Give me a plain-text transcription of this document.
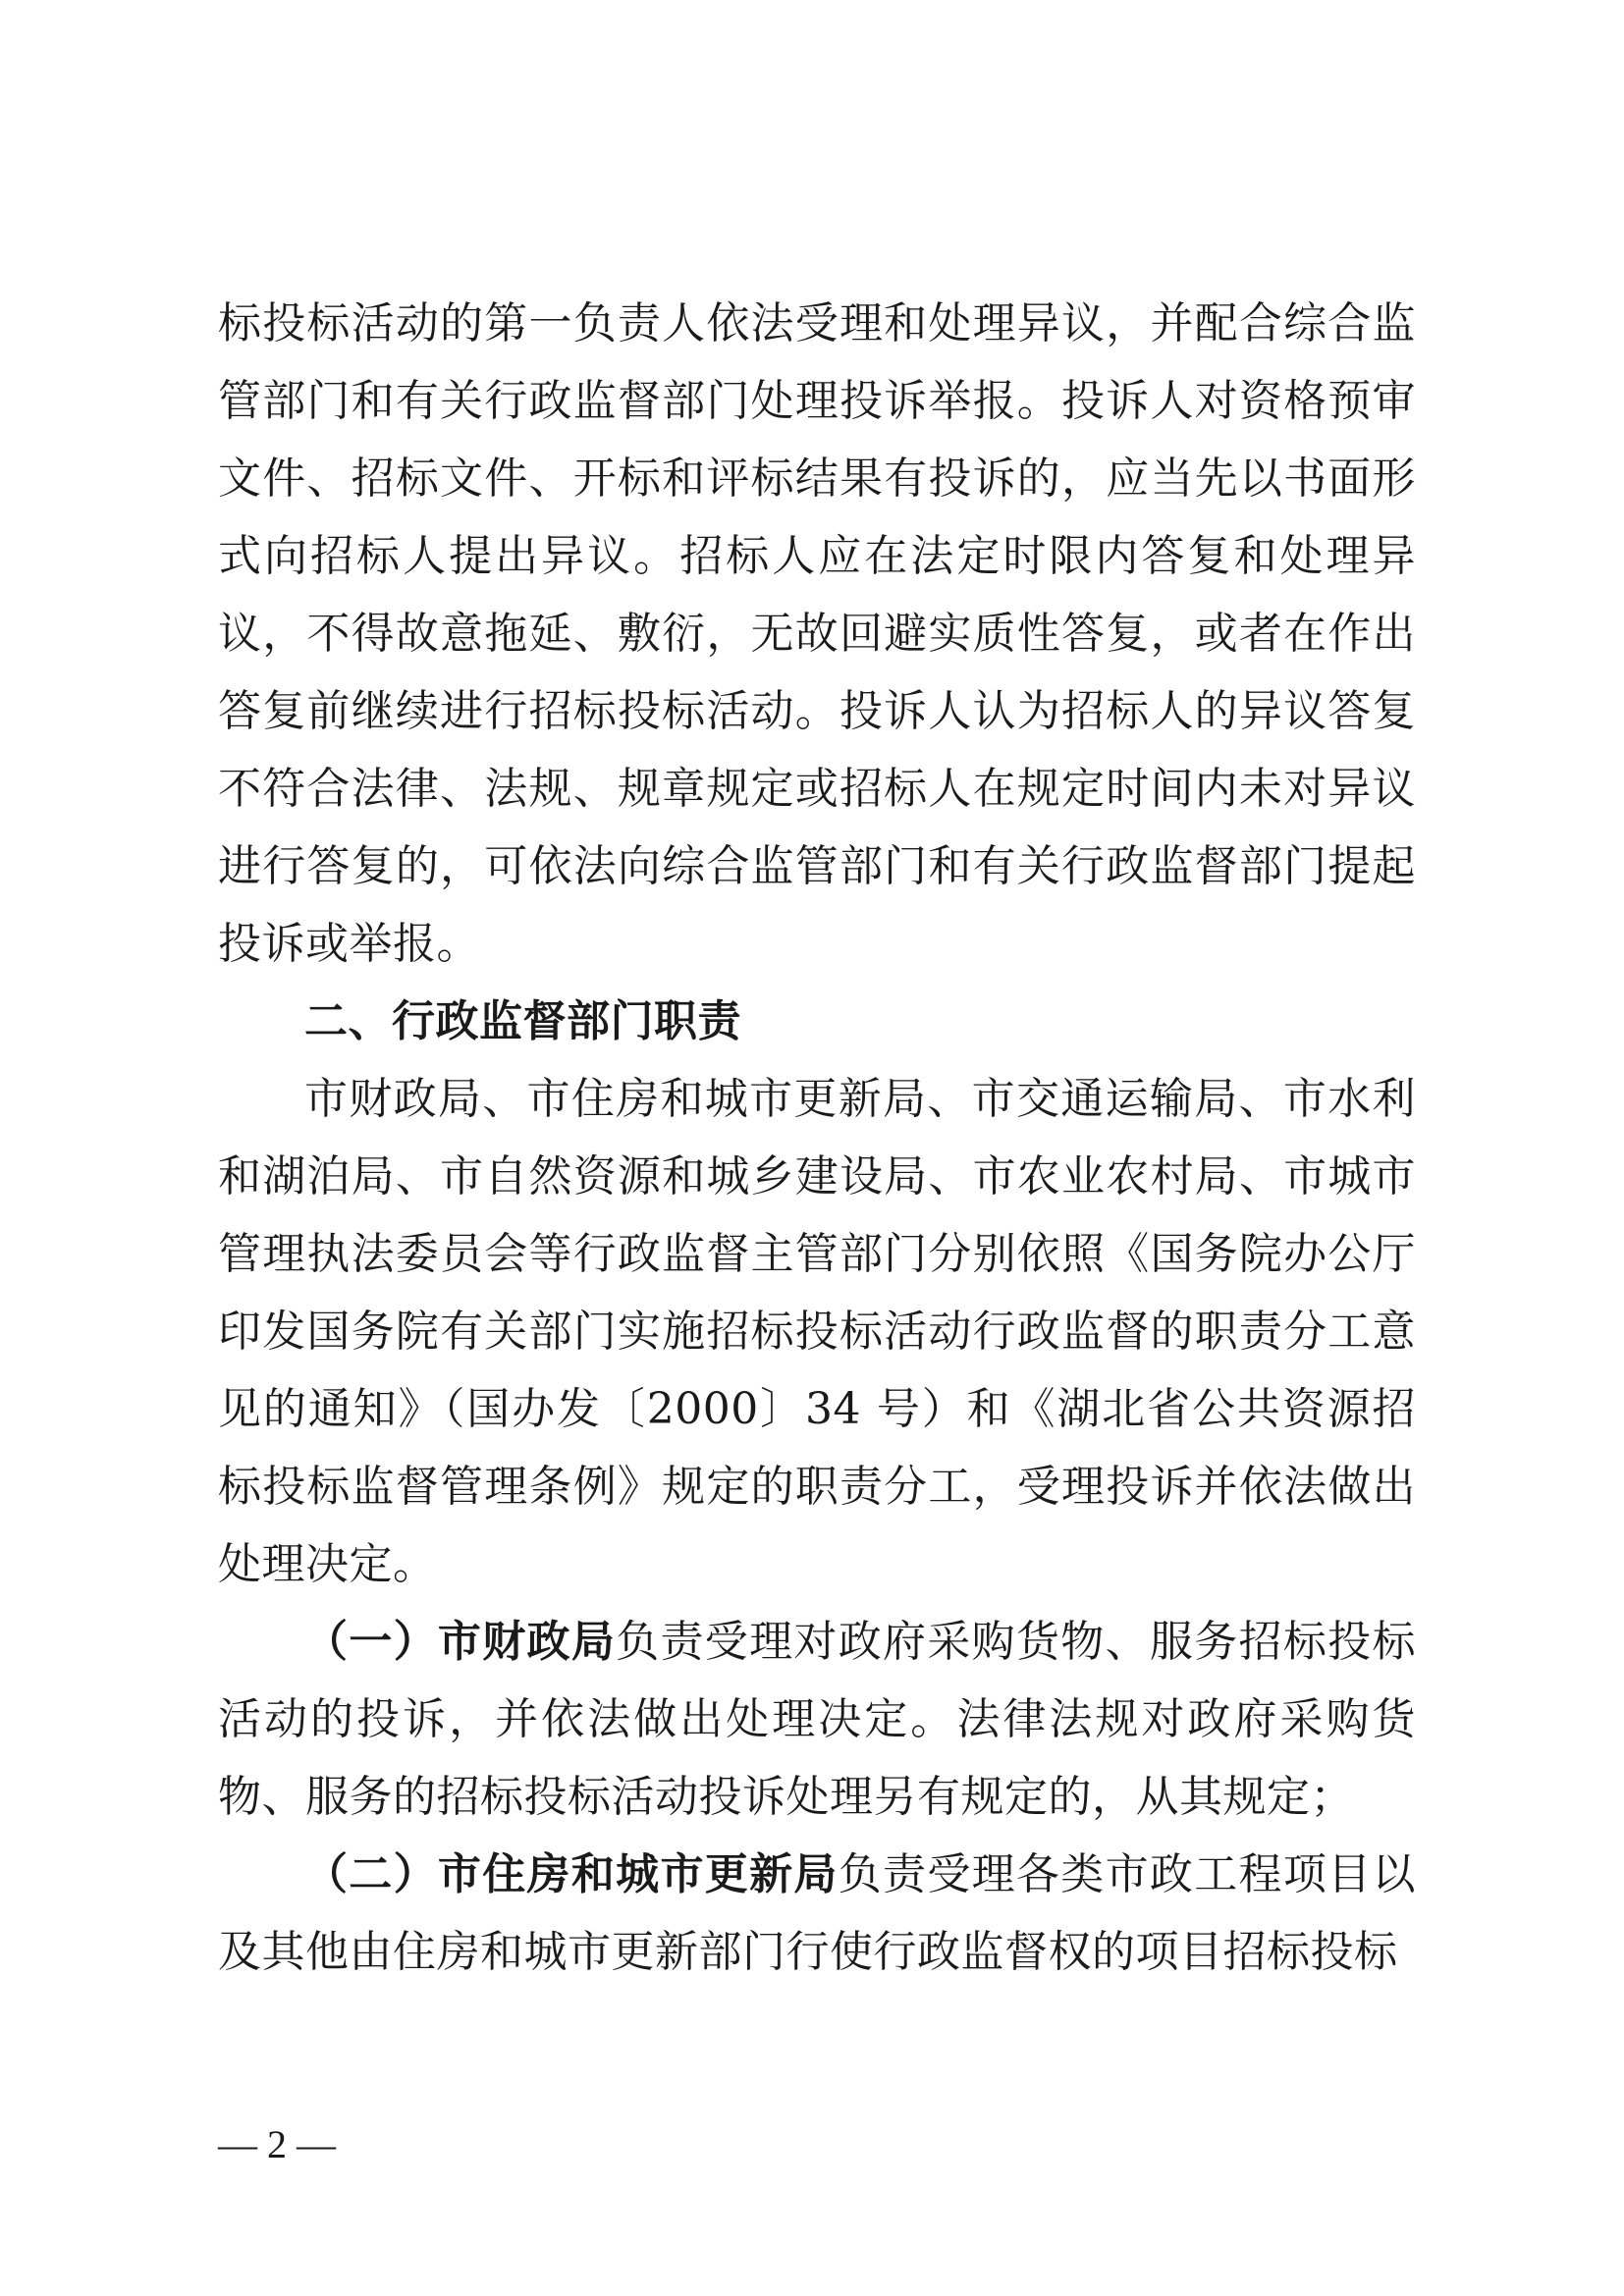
标投标活动的第一负责人依法受理和处理异议，并配合综合监管部门和有关行政监督部门处理投诉举报。投诉人对资格预审文件、招标文件、开标和评标结果有投诉的，应当先以书面形式向招标人提出异议。招标人应在法定时限内答复和处理异议，不得故意拖延、敷衍，无故回避实质性答复，或者在作出答复前继续进行招标投标活动。投诉人认为招标人的异议答复不符合法律、法规、规章规定或招标人在规定时间内未对异议进行答复的，可依法向综合监管部门和有关行政监督部门提起投诉或举报。

二、行政监督部门职责

市财政局、市住房和城市更新局、市交通运输局、市水利和湖泊局、市自然资源和城乡建设局、市农业农村局、市城市管理执法委员会等行政监督主管部门分别依照《国务院办公厅印发国务院有关部门实施招标投标活动行政监督的职责分工意见的通知》（国办发〔2000〕34 号）和《湖北省公共资源招标投标监督管理条例》规定的职责分工，受理投诉并依法做出处理决定。

（一）市财政局负责受理对政府采购货物、服务招标投标活动的投诉，并依法做出处理决定。法律法规对政府采购货物、服务的招标投标活动投诉处理另有规定的，从其规定；

（二）市住房和城市更新局负责受理各类市政工程项目以及其他由住房和城市更新部门行使行政监督权的项目招标投标

— 2 —
